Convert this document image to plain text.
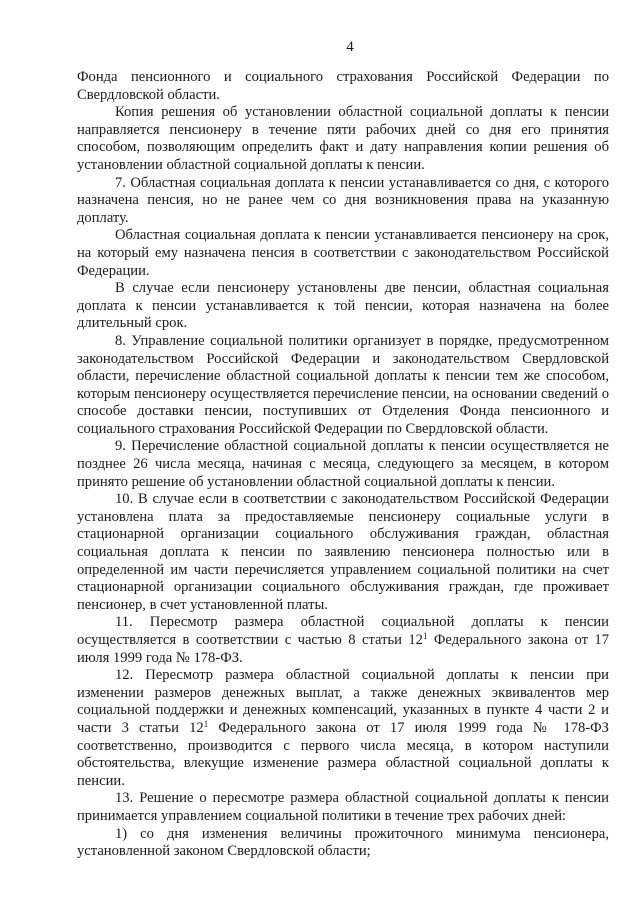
4

Фонда пенсионного и социального страхования Российской Федерации по Свердловской области.

Копия решения об установлении областной социальной доплаты к пенсии направляется пенсионеру в течение пяти рабочих дней со дня его принятия способом, позволяющим определить факт и дату направления копии решения об установлении областной социальной доплаты к пенсии.

7. Областная социальная доплата к пенсии устанавливается со дня, с которого назначена пенсия, но не ранее чем со дня возникновения права на указанную доплату.

Областная социальная доплата к пенсии устанавливается пенсионеру на срок, на который ему назначена пенсия в соответствии с законодательством Российской Федерации.

В случае если пенсионеру установлены две пенсии, областная социальная доплата к пенсии устанавливается к той пенсии, которая назначена на более длительный срок.

8. Управление социальной политики организует в порядке, предусмотренном законодательством Российской Федерации и законодательством Свердловской области, перечисление областной социальной доплаты к пенсии тем же способом, которым пенсионеру осуществляется перечисление пенсии, на основании сведений о способе доставки пенсии, поступивших от Отделения Фонда пенсионного и социального страхования Российской Федерации по Свердловской области.

9. Перечисление областной социальной доплаты к пенсии осуществляется не позднее 26 числа месяца, начиная с месяца, следующего за месяцем, в котором принято решение об установлении областной социальной доплаты к пенсии.

10. В случае если в соответствии с законодательством Российской Федерации установлена плата за предоставляемые пенсионеру социальные услуги в стационарной организации социального обслуживания граждан, областная социальная доплата к пенсии по заявлению пенсионера полностью или в определенной им части перечисляется управлением социальной политики на счет стационарной организации социального обслуживания граждан, где проживает пенсионер, в счет установленной платы.

11. Пересмотр размера областной социальной доплаты к пенсии осуществляется в соответствии с частью 8 статьи $12^1$ Федерального закона от 17 июля 1999 года № 178-ФЗ.

12. Пересмотр размера областной социальной доплаты к пенсии при изменении размеров денежных выплат, а также денежных эквивалентов мер социальной поддержки и денежных компенсаций, указанных в пункте 4 части 2 и части 3 статьи $12^1$ Федерального закона от 17 июля 1999 года № 178-ФЗ соответственно, производится с первого числа месяца, в котором наступили обстоятельства, влекущие изменение размера областной социальной доплаты к пенсии.

13. Решение о пересмотре размера областной социальной доплаты к пенсии принимается управлением социальной политики в течение трех рабочих дней:

1) со дня изменения величины прожиточного минимума пенсионера, установленной законом Свердловской области;
